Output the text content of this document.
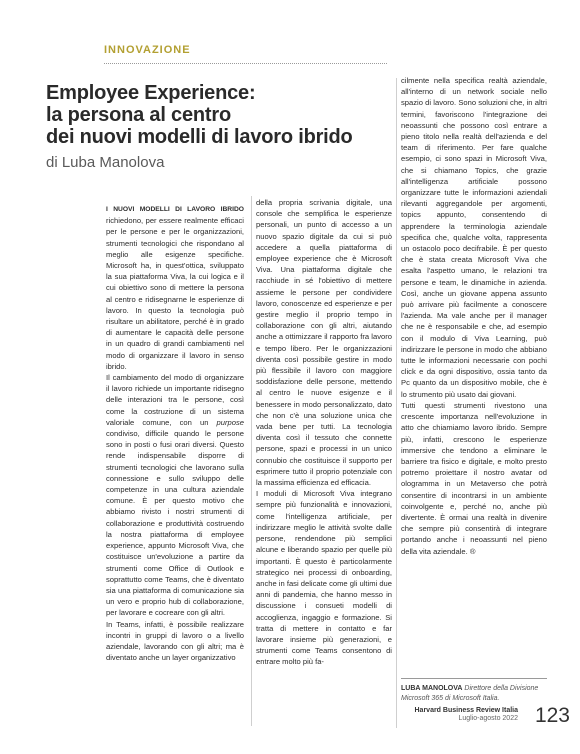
INNOVAZIONE
Employee Experience:
la persona al centro
dei nuovi modelli di lavoro ibrido

di Luba Manolova

I NUOVI MODELLI DI LAVORO IBRIDO richiedono, per essere realmente efficaci per le persone e per le organizzazioni, strumenti tecnologici che rispondano al meglio alle esigenze specifiche. Microsoft ha, in quest'ottica, sviluppato la sua piattaforma Viva, la cui logica e il cui obiettivo sono di mettere la persona al centro e ridisegnarne le esperienze di lavoro. In questo la tecnologia può risultare un abilitatore, perché è in grado di aumentare le capacità delle persone in un quadro di grandi cambiamenti nel modo di organizzare il lavoro in senso ibrido.

Il cambiamento del modo di organizzare il lavoro richiede un importante ridisegno delle interazioni tra le persone, così come la costruzione di un sistema valoriale comune, con un purpose condiviso, difficile quando le persone sono in posti o fusi orari diversi. Questo rende indispensabile disporre di strumenti tecnologici che lavorano sulla connessione e sullo sviluppo delle competenze in una cultura aziendale comune. È per questo motivo che abbiamo rivisto i nostri strumenti di collaborazione e produttività costruendo la nostra piattaforma di employee experience, appunto Microsoft Viva, che costituisce un'evoluzione a partire da strumenti come Office di Outlook e soprattutto come Teams, che è diventato sia una piattaforma di comunicazione sia un vero e proprio hub di collaborazione, per lavorare e cocreare con gli altri.

In Teams, infatti, è possibile realizzare incontri in gruppi di lavoro o a livello aziendale, lavorando con gli altri; ma è diventato anche un layer organizzativo

della propria scrivania digitale, una console che semplifica le esperienze personali, un punto di accesso a un nuovo spazio digitale da cui si può accedere a quella piattaforma di employee experience che è Microsoft Viva. Una piattaforma digitale che racchiude in sé l'obiettivo di mettere assieme le persone per condividere lavoro, conoscenze ed esperienze e per gestire meglio il proprio tempo in collaborazione con gli altri, aiutando anche a ottimizzare il rapporto fra lavoro e tempo libero. Per le organizzazioni diventa così possibile gestire in modo più flessibile il lavoro con maggiore soddisfazione delle persone, mettendo al centro le nuove esigenze e il benessere in modo personalizzato, dato che non c'è una soluzione unica che vada bene per tutti. La tecnologia diventa così il tessuto che connette persone, spazi e processi in un unico connubio che costituisce il supporto per esprimere tutto il proprio potenziale con la massima efficienza ed efficacia.

I moduli di Microsoft Viva integrano sempre più funzionalità e innovazioni, come l'intelligenza artificiale, per indirizzare meglio le attività svolte dalle persone, rendendone più semplici alcune e liberando spazio per quelle più importanti. È questo è particolarmente strategico nei processi di onboarding, anche in fasi delicate come gli ultimi due anni di pandemia, che hanno messo in discussione i consueti modelli di accoglienza, ingaggio e formazione. Si tratta di mettere in contatto e far lavorare insieme più generazioni, e strumenti come Teams consentono di entrare molto più fa-

cilmente nella specifica realtà aziendale, all'interno di un network sociale nello spazio di lavoro. Sono soluzioni che, in altri termini, favoriscono l'integrazione dei neoassunti che possono così entrare a pieno titolo nella realtà dell'azienda e del team di riferimento. Per fare qualche esempio, ci sono spazi in Microsoft Viva, che si chiamano Topics, che grazie all'intelligenza artificiale possono organizzare tutte le informazioni aziendali rilevanti aggregandole per argomenti, topics appunto, consentendo di apprendere la terminologia aziendale specifica che, qualche volta, rappresenta un ostacolo poco decifrabile. È per questo che è stata creata Microsoft Viva che esalta l'aspetto umano, le relazioni tra persone e team, le dinamiche in azienda. Così, anche un giovane appena assunto può arrivare più facilmente a conoscere l'azienda. Ma vale anche per il manager che ne è responsabile e che, ad esempio con il modulo di Viva Learning, può indirizzare le persone in modo che abbiano tutte le informazioni necessarie con pochi click e da ogni dispositivo, ossia tanto da Pc quanto da un dispositivo mobile, che è lo strumento più usato dai giovani.

Tutti questi strumenti rivestono una crescente importanza nell'evoluzione in atto che chiamiamo lavoro ibrido. Sempre più, infatti, crescono le esperienze immersive che tendono a eliminare le barriere tra fisico e digitale, e molto presto potremo proiettare il nostro avatar od ologramma in un Metaverso che potrà consentire di incontrarsi in un ambiente coinvolgente e, perché no, anche più divertente. È ormai una realtà in divenire che sempre più consentirà di integrare portando anche i neoassunti nel pieno della vita aziendale. ®

LUBA MANOLOVA Direttore della Divisione Microsoft 365 di Microsoft Italia.
Harvard Business Review Italia
Luglio-agosto 2022 123
